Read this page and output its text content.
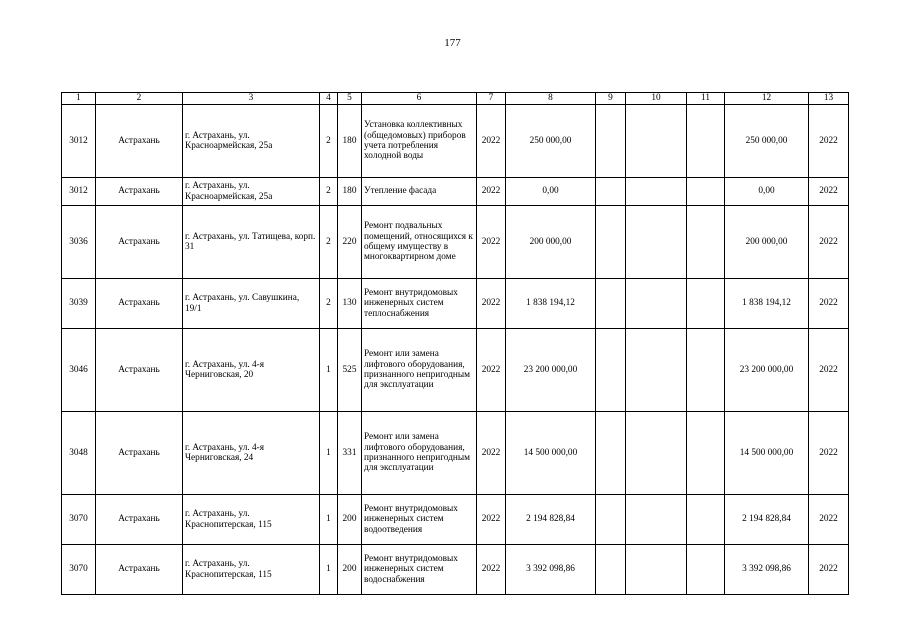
177
1	2	3	4	5	6	7	8	9	10	11	12	13
3012	Астрахань	г. Астрахань, ул. Красноармейская, 25а	2	180	Установка коллективных (общедомовых) приборов учета потребления холодной воды	2022	250 000,00				250 000,00	2022
3012	Астрахань	г. Астрахань, ул. Красноармейская, 25а	2	180	Утепление фасада	2022	0,00				0,00	2022
3036	Астрахань	г. Астрахань, ул. Татищева, корп. 31	2	220	Ремонт подвальных помещений, относящихся к общему имуществу в многоквартирном доме	2022	200 000,00				200 000,00	2022
3039	Астрахань	г. Астрахань, ул. Савушкина, 19/1	2	130	Ремонт внутридомовых инженерных систем теплоснабжения	2022	1 838 194,12				1 838 194,12	2022
3046	Астрахань	г. Астрахань, ул. 4-я Черниговская, 20	1	525	Ремонт или замена лифтового оборудования, признанного непригодным для эксплуатации	2022	23 200 000,00				23 200 000,00	2022
3048	Астрахань	г. Астрахань, ул. 4-я Черниговская, 24	1	331	Ремонт или замена лифтового оборудования, признанного непригодным для эксплуатации	2022	14 500 000,00				14 500 000,00	2022
3070	Астрахань	г. Астрахань, ул. Краснопитерская, 115	1	200	Ремонт внутридомовых инженерных систем водоотведения	2022	2 194 828,84				2 194 828,84	2022
3070	Астрахань	г. Астрахань, ул. Краснопитерская, 115	1	200	Ремонт внутридомовых инженерных систем водоснабжения	2022	3 392 098,86				3 392 098,86	2022
